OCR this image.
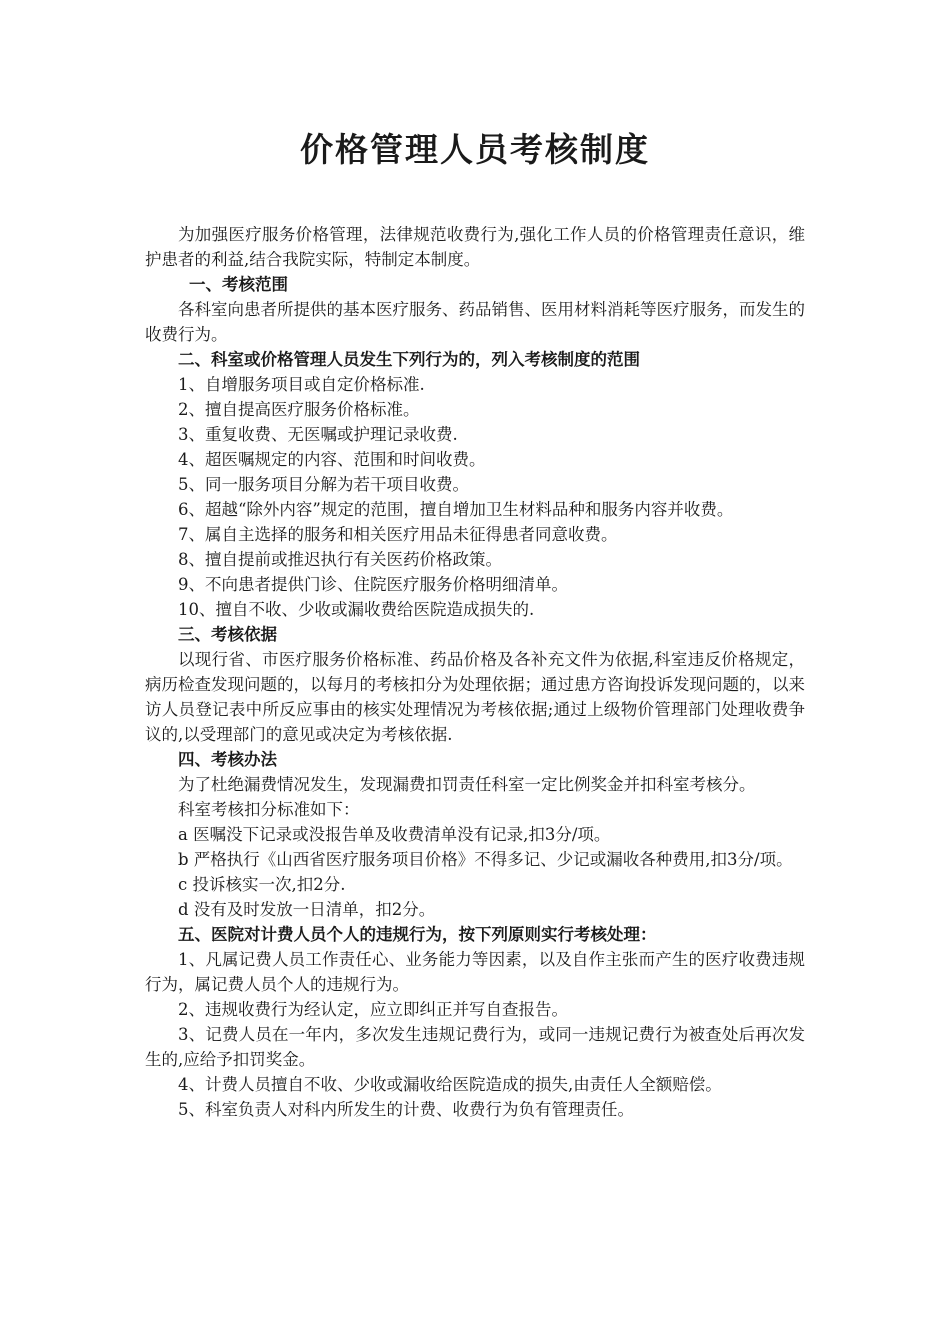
价格管理人员考核制度

为加强医疗服务价格管理，法律规范收费行为,强化工作人员的价格管理责任意识，维护患者的利益,结合我院实际，特制定本制度。

一、考核范围

各科室向患者所提供的基本医疗服务、药品销售、医用材料消耗等医疗服务，而发生的收费行为。

二、科室或价格管理人员发生下列行为的，列入考核制度的范围

1、自增服务项目或自定价格标准.

2、擅自提高医疗服务价格标准。

3、重复收费、无医嘱或护理记录收费.

4、超医嘱规定的内容、范围和时间收费。

5、同一服务项目分解为若干项目收费。

6、超越“除外内容”规定的范围，擅自增加卫生材料品种和服务内容并收费。

7、属自主选择的服务和相关医疗用品未征得患者同意收费。

8、擅自提前或推迟执行有关医药价格政策。

9、不向患者提供门诊、住院医疗服务价格明细清单。

10、擅自不收、少收或漏收费给医院造成损失的.

三、考核依据

以现行省、市医疗服务价格标准、药品价格及各补充文件为依据,科室违反价格规定，病历检查发现问题的，以每月的考核扣分为处理依据；通过患方咨询投诉发现问题的，以来访人员登记表中所反应事由的核实处理情况为考核依据;通过上级物价管理部门处理收费争议的,以受理部门的意见或决定为考核依据.

四、考核办法

为了杜绝漏费情况发生，发现漏费扣罚责任科室一定比例奖金并扣科室考核分。

科室考核扣分标准如下：

a 医嘱没下记录或没报告单及收费清单没有记录,扣3分/项。

b 严格执行《山西省医疗服务项目价格》不得多记、少记或漏收各种费用,扣3分/项。

c 投诉核实一次,扣2分.

d 没有及时发放一日清单，扣2分。

五、医院对计费人员个人的违规行为，按下列原则实行考核处理：

1、凡属记费人员工作责任心、业务能力等因素，以及自作主张而产生的医疗收费违规行为，属记费人员个人的违规行为。

2、违规收费行为经认定，应立即纠正并写自查报告。

3、记费人员在一年内，多次发生违规记费行为，或同一违规记费行为被查处后再次发生的,应给予扣罚奖金。

4、计费人员擅自不收、少收或漏收给医院造成的损失,由责任人全额赔偿。

5、科室负责人对科内所发生的计费、收费行为负有管理责任。
